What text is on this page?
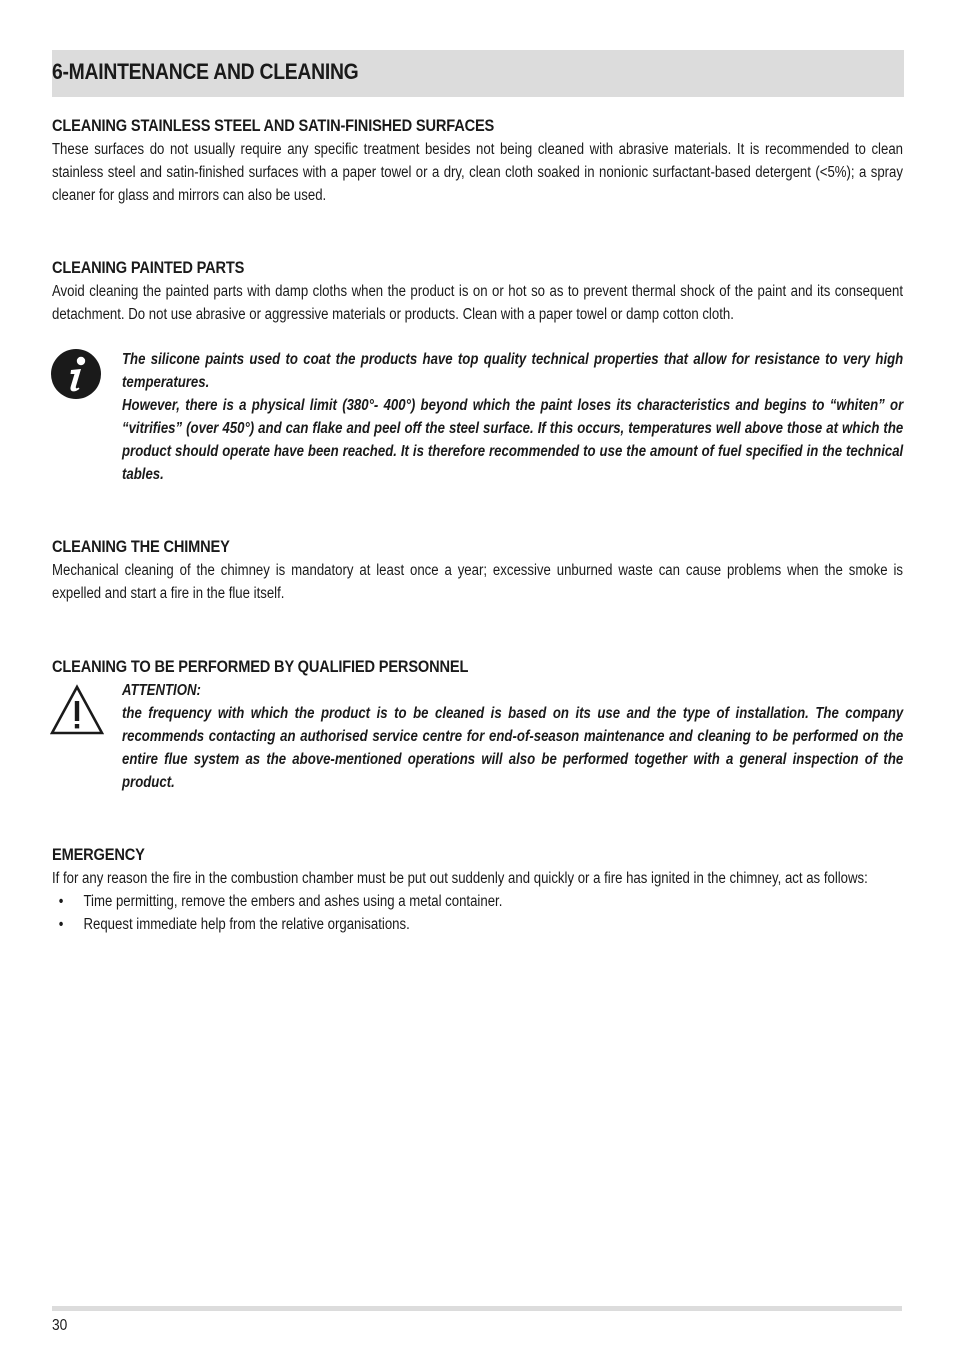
6-MAINTENANCE AND CLEANING
CLEANING STAINLESS STEEL AND SATIN-FINISHED SURFACES

These surfaces do not usually require any specific treatment besides not being cleaned with abrasive materials. It is recommended to clean stainless steel and satin-finished surfaces with a paper towel or a dry, clean cloth soaked in nonionic surfactant-based detergent (<5%); a spray cleaner for glass and mirrors can also be used.

CLEANING PAINTED PARTS

Avoid cleaning the painted parts with damp cloths when the product is on or hot so as to prevent thermal shock of the paint and its consequent detachment. Do not use abrasive or aggressive materials or products. Clean with a paper towel or damp cotton cloth.

The silicone paints used to coat the products have top quality technical properties that allow for resistance to very high temperatures.

However, there is a physical limit (380°- 400°) beyond which the paint loses its characteristics and begins to “whiten” or “vitrifies” (over 450°) and can flake and peel off the steel surface. If this occurs, temperatures well above those at which the product should operate have been reached. It is therefore recommended to use the amount of fuel specified in the technical tables.

CLEANING THE CHIMNEY

Mechanical cleaning of the chimney is mandatory at least once a year; excessive unburned waste can cause problems when the smoke is expelled and start a fire in the flue itself.

CLEANING TO BE PERFORMED BY QUALIFIED PERSONNEL

ATTENTION:

the frequency with which the product is to be cleaned is based on its use and the type of installation. The company recommends contacting an authorised service centre for end-of-season maintenance and cleaning to be performed on the entire flue system as the above-mentioned operations will also be performed together with a general inspection of the product.

EMERGENCY

If for any reason the fire in the combustion chamber must be put out suddenly and quickly or a fire has ignited in the chimney, act as follows:

• Time permitting, remove the embers and ashes using a metal container.
• Request immediate help from the relative organisations.
30
